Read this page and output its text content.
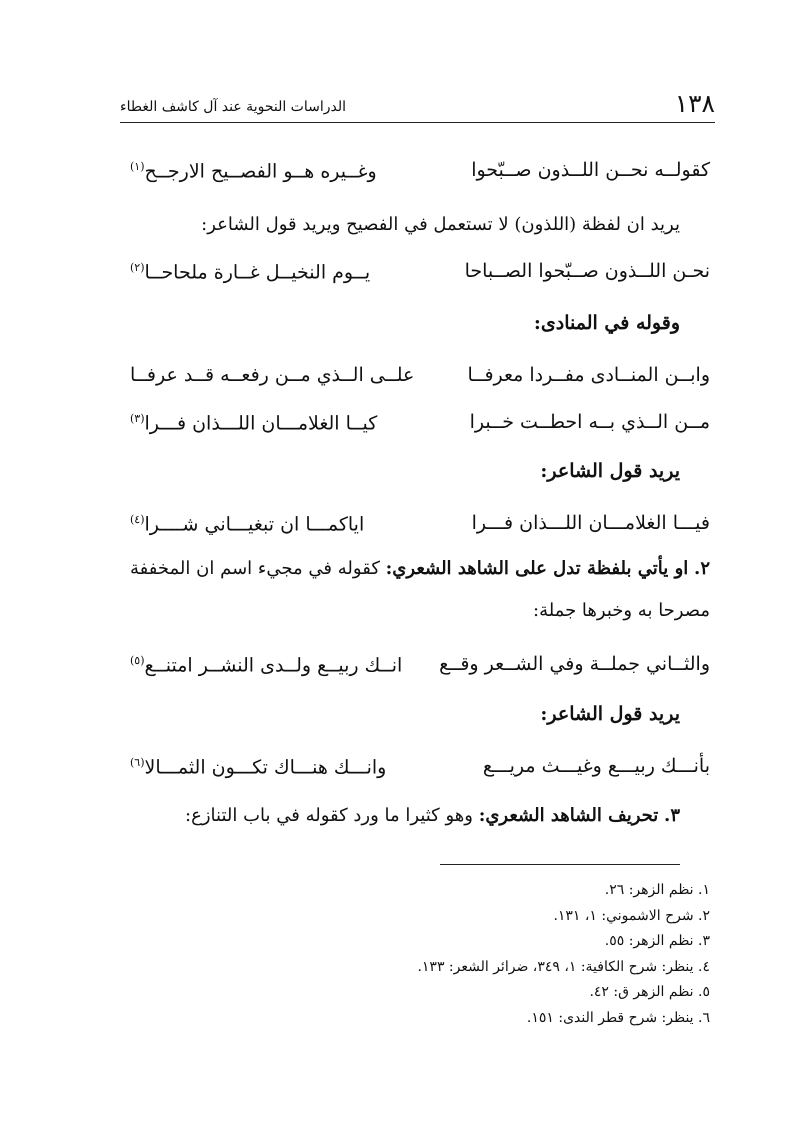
١٣٨
الدراسات النحوية عند آل كاشف الغطاء
كقولــه نحــن اللــذون صــبّحوا
وغــيره هــو الفصــيح الارجــح$^{(١)}$
يريد ان لفظة (اللذون) لا تستعمل في الفصيح ويريد قول الشاعر:
نحـن اللــذون صــبّحوا الصــباحا
يــوم النخيــل غــارة ملحاحــا$^{(٢)}$
وقوله في المنادى:
وابــن المنــادى مفــردا معرفــا
علــى الــذي مــن رفعــه قــد عرفــا
مــن الــذي بــه احطــت خــبرا
كيــا الغلامـــان اللـــذان فـــرا$^{(٣)}$
يريد قول الشاعر:
فيـــا الغلامـــان اللـــذان فـــرا
اياكمـــا ان تبغيـــاني شــــرا$^{(٤)}$
٢. او يأتي بلفظة تدل على الشاهد الشعري: كقوله في مجيء اسم ان المخففة مصرحا به وخبرها جملة:
والثــاني جملــة وفي الشــعر وقــع
انــك ربيــع ولــدى النشــر امتنــع$^{(٥)}$
يريد قول الشاعر:
بأنـــك ربيـــع وغيـــث مريـــع
وانـــك هنـــاك تكـــون الثمـــالا$^{(٦)}$
٣. تحريف الشاهد الشعري: وهو كثيرا ما ورد كقوله في باب التنازع:
١. نظم الزهر: ٢٦.
٢. شرح الاشموني: ١، ١٣١.
٣. نظم الزهر: ٥٥.
٤. ينظر: شرح الكافية: ١، ٣٤٩، ضرائر الشعر: ١٣٣.
٥. نظم الزهر ق: ٤٢.
٦. ينظر: شرح قطر الندى: ١٥١.
